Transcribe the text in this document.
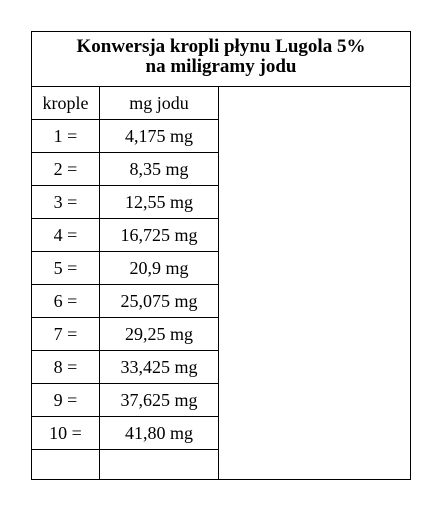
Konwersja kropli płynu Lugola 5%
na miligramy jodu
krople	mg jodu
1 =	4,175 mg
2 =	8,35 mg
3 =	12,55 mg
4 =	16,725 mg
5 =	20,9 mg
6 =	25,075 mg
7 =	29,25 mg
8 =	33,425 mg
9 =	37,625 mg
10 =	41,80 mg
